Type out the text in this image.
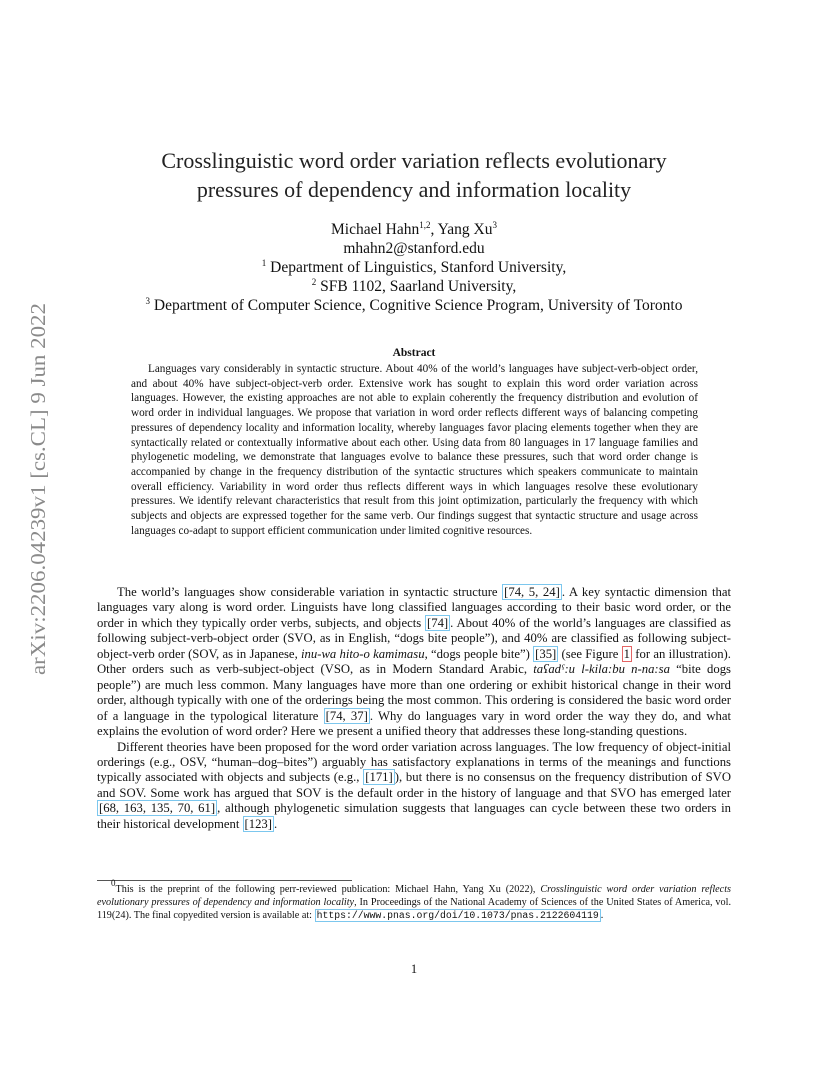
arXiv:2206.04239v1 [cs.CL] 9 Jun 2022
Crosslinguistic word order variation reflects evolutionary
pressures of dependency and information locality
Michael Hahn$^{1,2}$, Yang Xu$^3$
mhahn2@stanford.edu
$^1$ Department of Linguistics, Stanford University,
$^2$ SFB 1102, Saarland University,
$^3$ Department of Computer Science, Cognitive Science Program, University of Toronto
Abstract

Languages vary considerably in syntactic structure. About 40% of the world’s languages have subject-verb-object order, and about 40% have subject-object-verb order. Extensive work has sought to explain this word order variation across languages. However, the existing approaches are not able to explain coherently the frequency distribution and evolution of word order in individual languages. We propose that variation in word order reflects different ways of balancing competing pressures of dependency locality and information locality, whereby languages favor placing elements together when they are syntactically related or contextually informative about each other. Using data from 80 languages in 17 language families and phylogenetic modeling, we demonstrate that languages evolve to balance these pressures, such that word order change is accompanied by change in the frequency distribution of the syntactic structures which speakers communicate to maintain overall efficiency. Variability in word order thus reflects different ways in which languages resolve these evolutionary pressures. We identify relevant characteristics that result from this joint optimization, particularly the frequency with which subjects and objects are expressed together for the same verb. Our findings suggest that syntactic structure and usage across languages co-adapt to support efficient communication under limited cognitive resources.

The world’s languages show considerable variation in syntactic structure [74, 5, 24] . A key syntactic dimension that languages vary along is word order. Linguists have long classified languages according to their basic word order, or the order in which they typically order verbs, subjects, and objects [74] . About 40% of the world’s languages are classified as following subject-verb-object order (SVO, as in English, “dogs bite people”), and 40% are classified as following subject-object-verb order (SOV, as in Japanese, inu-wa hito-o kamimasu, “dogs people bite”) [35] (see Figure 1 for an illustration). Other orders such as verb-subject-object (VSO, as in Modern Standard Arabic, taʕadˤ:u l-kila:bu n-na:sa “bite dogs people”) are much less common. Many languages have more than one ordering or exhibit historical change in their word order, although typically with one of the orderings being the most common. This ordering is considered the basic word order of a language in the typological literature [74, 37] . Why do languages vary in word order the way they do, and what explains the evolution of word order? Here we present a unified theory that addresses these long-standing questions.

Different theories have been proposed for the word order variation across languages. The low frequency of object-initial orderings (e.g., OSV, “human–dog–bites”) arguably has satisfactory explanations in terms of the meanings and functions typically associated with objects and subjects (e.g., [171] ), but there is no consensus on the frequency distribution of SVO and SOV. Some work has argued that SOV is the default order in the history of language and that SVO has emerged later [68, 163, 135, 70, 61] , although phylogenetic simulation suggests that languages can cycle between these two orders in their historical development [123] .

$^0$This is the preprint of the following perr-reviewed publication: Michael Hahn, Yang Xu (2022), Crosslinguistic word order variation reflects evolutionary pressures of dependency and information locality, In Proceedings of the National Academy of Sciences of the United States of America, vol. 119(24). The final copyedited version is available at: https://www.pnas.org/doi/10.1073/pnas.2122604119 .

1
